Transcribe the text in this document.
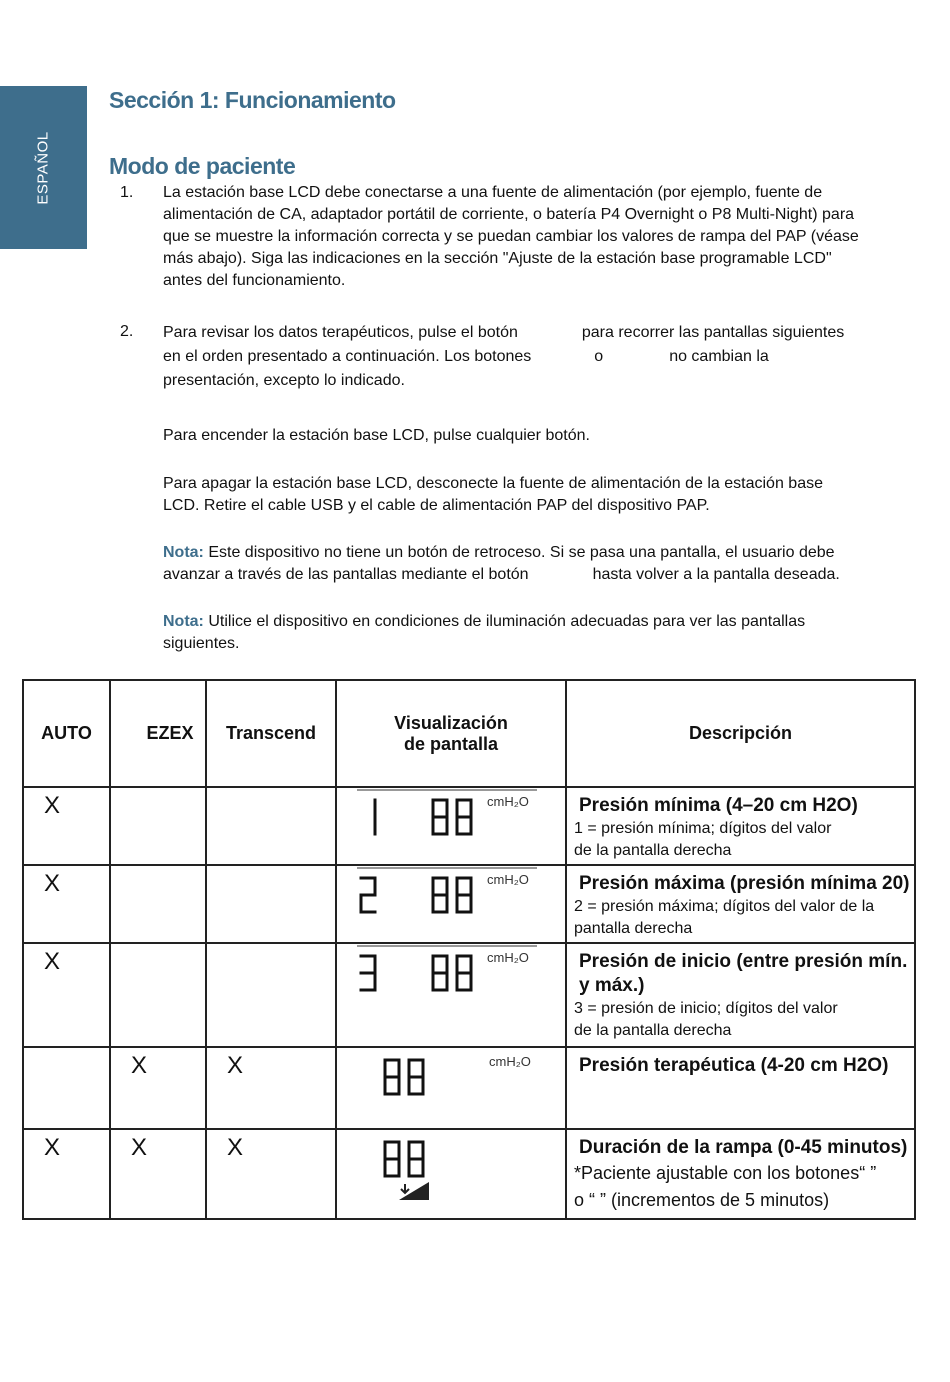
ESPAÑOL
Sección 1: Funcionamiento
Modo de paciente
1. La estación base LCD debe conectarse a una fuente de alimentación (por ejemplo, fuente de alimentación de CA, adaptador portátil de corriente, o batería P4 Overnight o P8 Multi-Night) para que se muestre la información correcta y se puedan cambiar los valores de rampa del PAP (véase más abajo). Siga las indicaciones en la sección "Ajuste de la estación base programable LCD" antes del funcionamiento.

2. Para revisar los datos terapéuticos, pulse el botón	para recorrer las pantallas siguientes
en el orden presentado a continuación. Los botones	o	no cambian la
presentación, excepto lo indicado.

Para encender la estación base LCD, pulse cualquier botón.

Para apagar la estación base LCD, desconecte la fuente de alimentación de la estación base LCD. Retire el cable USB y el cable de alimentación PAP del dispositivo PAP.

Nota: Este dispositivo no tiene un botón de retroceso. Si se pasa una pantalla, el usuario debe avanzar a través de las pantallas mediante el botón	hasta volver a la pantalla deseada.
Nota: Utilice el dispositivo en condiciones de iluminación adecuadas para ver las pantallas siguientes.
AUTO	EZEX	Transcend	Visualización
de pantalla	Descripción

X			cmH₂O	Presión mínima (4–20 cm H2O)
1 = presión mínima; dígitos del valor
de la pantalla derecha

X			cmH₂O	Presión máxima (presión mínima 20)
2 = presión máxima; dígitos del valor de la
pantalla derecha

X			cmH₂O	Presión de inicio (entre presión mín.
y máx.)
3 = presión de inicio; dígitos del valor
de la pantalla derecha

	X	X	cmH₂O	Presión terapéutica (4-20 cm H2O)

X	X	X		Duración de la rampa (0-45 minutos)
*Paciente ajustable con los botones“ ”
o “ ” (incrementos de 5 minutos)
